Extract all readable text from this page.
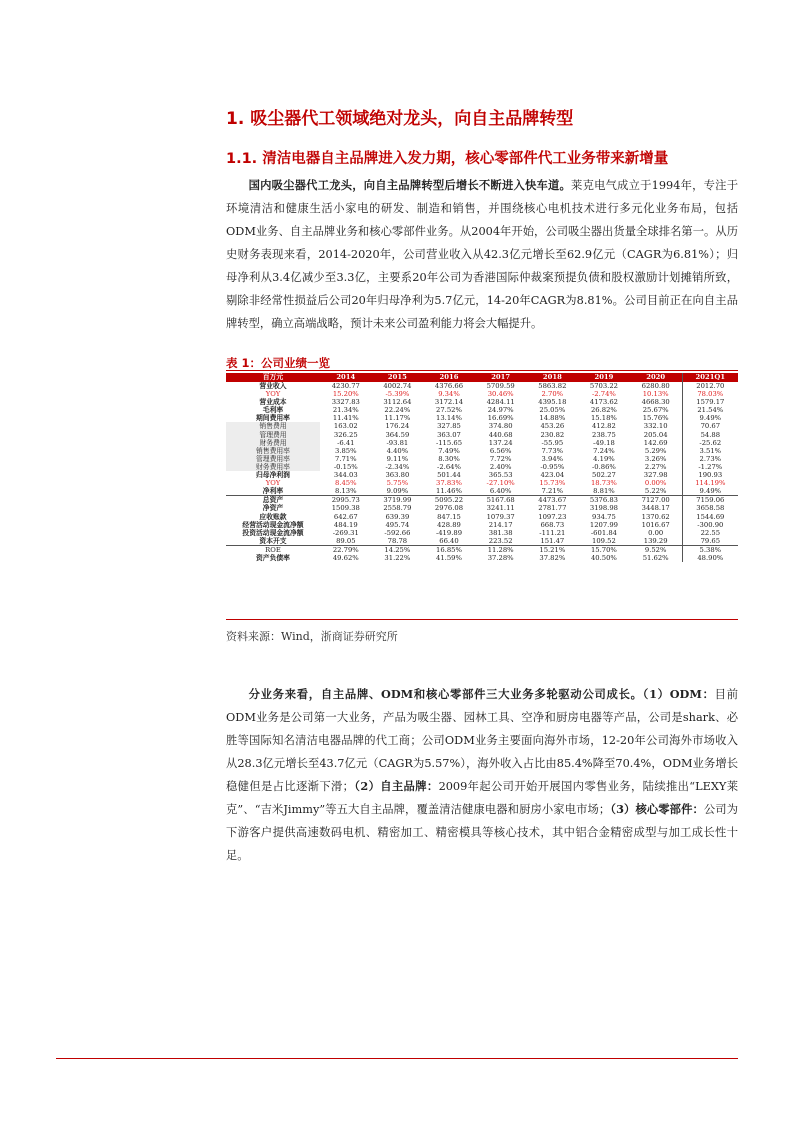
1. 吸尘器代工领域绝对龙头，向自主品牌转型
1.1. 清洁电器自主品牌进入发力期，核心零部件代工业务带来新增量

国内吸尘器代工龙头，向自主品牌转型后增长不断进入快车道。莱克电气成立于1994年，专注于环境清洁和健康生活小家电的研发、制造和销售，并围绕核心电机技术进行多元化业务布局，包括ODM业务、自主品牌业务和核心零部件业务。从2004年开始，公司吸尘器出货量全球排名第一。从历史财务表现来看，2014-2020年，公司营业收入从42.3亿元增长至62.9亿元（CAGR为6.81%）；归母净利从3.4亿减少至3.3亿，主要系20年公司为香港国际仲裁案预提负债和股权激励计划摊销所致，剔除非经常性损益后公司20年归母净利为5.7亿元，14-20年CAGR为8.81%。公司目前正在向自主品牌转型，确立高端战略，预计未来公司盈利能力将会大幅提升。

表 1：公司业绩一览
百万元	2014	2015	2016	2017	2018	2019	2020	2021Q1
营业收入	4230.77	4002.74	4376.66	5709.59	5863.82	5703.22	6280.80	2012.70
YOY	15.20%	-5.39%	9.34%	30.46%	2.70%	-2.74%	10.13%	78.03%
营业成本	3327.83	3112.64	3172.14	4284.11	4395.18	4173.62	4668.30	1579.17
毛利率	21.34%	22.24%	27.52%	24.97%	25.05%	26.82%	25.67%	21.54%
期间费用率	11.41%	11.17%	13.14%	16.69%	14.88%	15.18%	15.76%	9.49%
销售费用	163.02	176.24	327.85	374.80	453.26	412.82	332.10	70.67
管理费用	326.25	364.59	363.07	440.68	230.82	238.75	205.04	54.88
财务费用	-6.41	-93.81	-115.65	137.24	-55.95	-49.18	142.69	-25.62
销售费用率	3.85%	4.40%	7.49%	6.56%	7.73%	7.24%	5.29%	3.51%
管理费用率	7.71%	9.11%	8.30%	7.72%	3.94%	4.19%	3.26%	2.73%
财务费用率	-0.15%	-2.34%	-2.64%	2.40%	-0.95%	-0.86%	2.27%	-1.27%
归母净利润	344.03	363.80	501.44	365.53	423.04	502.27	327.98	190.93
YOY	8.45%	5.75%	37.83%	-27.10%	15.73%	18.73%	0.00%	114.19%
净利率	8.13%	9.09%	11.46%	6.40%	7.21%	8.81%	5.22%	9.49%
总资产	2995.73	3719.99	5095.22	5167.68	4473.67	5376.83	7127.00	7159.06
净资产	1509.38	2558.79	2976.08	3241.11	2781.77	3198.98	3448.17	3658.58
应收账款	642.67	639.39	847.15	1079.37	1097.23	934.75	1370.62	1544.69
经营活动现金流净额	484.19	495.74	428.89	214.17	668.73	1207.99	1016.67	-300.90
投资活动现金流净额	-269.31	-592.66	-419.89	381.38	-111.21	-601.84	0.00	22.55
资本开支	89.05	78.78	66.40	223.52	151.47	109.52	139.29	79.65
ROE	22.79%	14.25%	16.85%	11.28%	15.21%	15.70%	9.52%	5.38%
资产负债率	49.62%	31.22%	41.59%	37.28%	37.82%	40.50%	51.62%	48.90%
资料来源：Wind，浙商证券研究所

分业务来看，自主品牌、ODM和核心零部件三大业务多轮驱动公司成长。（1）ODM：目前ODM业务是公司第一大业务，产品为吸尘器、园林工具、空净和厨房电器等产品，公司是shark、必胜等国际知名清洁电器品牌的代工商；公司ODM业务主要面向海外市场，12-20年公司海外市场收入从28.3亿元增长至43.7亿元（CAGR为5.57%），海外收入占比由85.4%降至70.4%，ODM业务增长稳健但是占比逐渐下滑；（2）自主品牌：2009年起公司开始开展国内零售业务，陆续推出“LEXY莱克”、“吉米Jimmy”等五大自主品牌，覆盖清洁健康电器和厨房小家电市场；（3）核心零部件：公司为下游客户提供高速数码电机、精密加工、精密模具等核心技术，其中铝合金精密成型与加工成长性十足。
